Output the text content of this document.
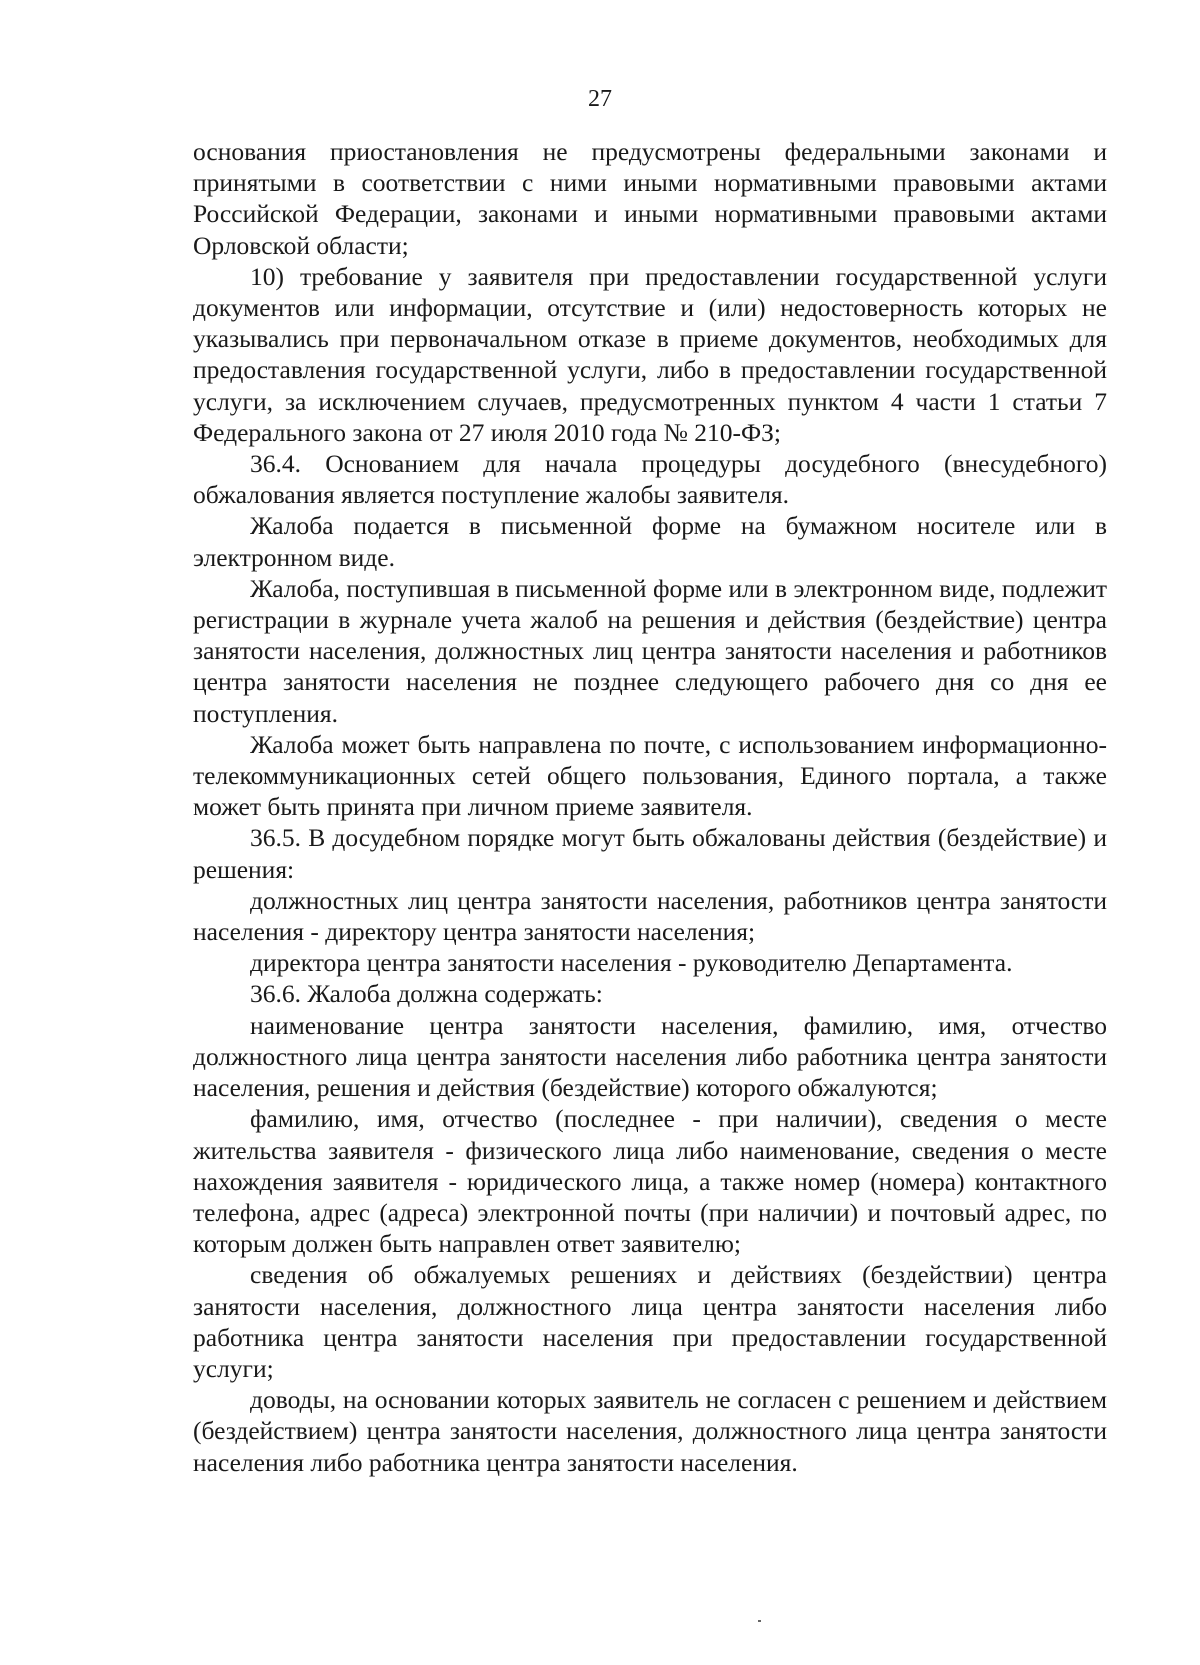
27

основания приостановления не предусмотрены федеральными законами и принятыми в соответствии с ними иными нормативными правовыми актами Российской Федерации, законами и иными нормативными правовыми актами Орловской области;

10) требование у заявителя при предоставлении государственной услуги документов или информации, отсутствие и (или) недостоверность которых не указывались при первоначальном отказе в приеме документов, необходимых для предоставления государственной услуги, либо в предоставлении государственной услуги, за исключением случаев, предусмотренных пунктом 4 части 1 статьи 7 Федерального закона от 27 июля 2010 года № 210-ФЗ;

36.4. Основанием для начала процедуры досудебного (внесудебного) обжалования является поступление жалобы заявителя.

Жалоба подается в письменной форме на бумажном носителе или в электронном виде.

Жалоба, поступившая в письменной форме или в электронном виде, подлежит регистрации в журнале учета жалоб на решения и действия (бездействие) центра занятости населения, должностных лиц центра занятости населения и работников центра занятости населения не позднее следующего рабочего дня со дня ее поступления.

Жалоба может быть направлена по почте, с использованием информационно-телекоммуникационных сетей общего пользования, Единого портала, а также может быть принята при личном приеме заявителя.

36.5. В досудебном порядке могут быть обжалованы действия (бездействие) и решения:

должностных лиц центра занятости населения, работников центра занятости населения - директору центра занятости населения;

директора центра занятости населения - руководителю Департамента.

36.6. Жалоба должна содержать:

наименование центра занятости населения, фамилию, имя, отчество должностного лица центра занятости населения либо работника центра занятости населения, решения и действия (бездействие) которого обжалуются;

фамилию, имя, отчество (последнее - при наличии), сведения о месте жительства заявителя - физического лица либо наименование, сведения о месте нахождения заявителя - юридического лица, а также номер (номера) контактного телефона, адрес (адреса) электронной почты (при наличии) и почтовый адрес, по которым должен быть направлен ответ заявителю;

сведения об обжалуемых решениях и действиях (бездействии) центра занятости населения, должностного лица центра занятости населения либо работника центра занятости населения при предоставлении государственной услуги;

доводы, на основании которых заявитель не согласен с решением и действием (бездействием) центра занятости населения, должностного лица центра занятости населения либо работника центра занятости населения.
